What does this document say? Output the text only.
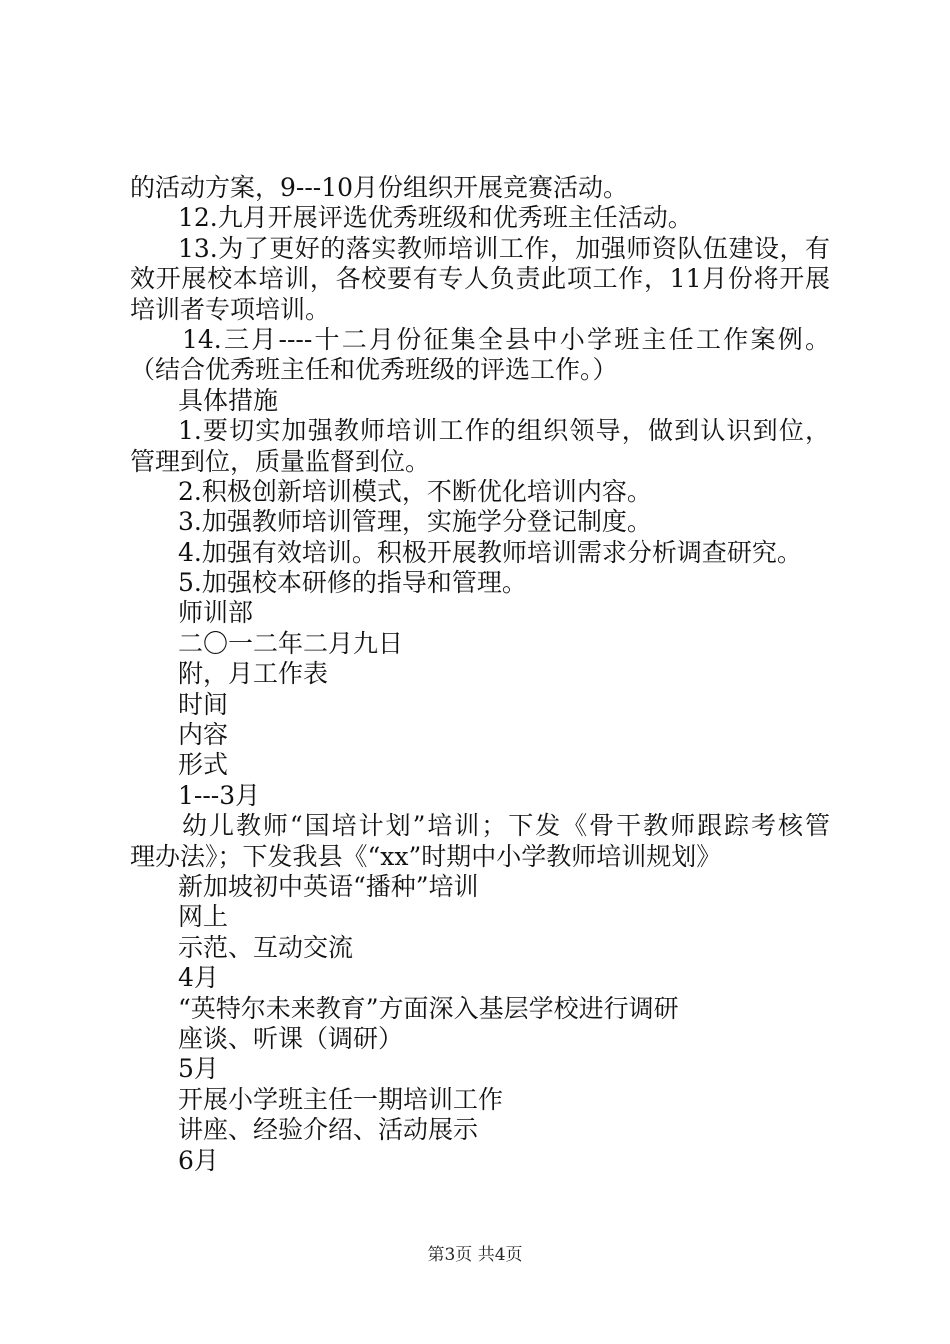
的活动方案，9---10月份组织开展竞赛活动。
12.九月开展评选优秀班级和优秀班主任活动。
13.为了更好的落实教师培训工作，加强师资队伍建设，有
效开展校本培训，各校要有专人负责此项工作，11月份将开展
培训者专项培训。
14.三月----十二月份征集全县中小学班主任工作案例。
（结合优秀班主任和优秀班级的评选工作。）
具体措施
1.要切实加强教师培训工作的组织领导，做到认识到位，
管理到位，质量监督到位。
2.积极创新培训模式，不断优化培训内容。
3.加强教师培训管理，实施学分登记制度。
4.加强有效培训。积极开展教师培训需求分析调查研究。
5.加强校本研修的指导和管理。
师训部
二〇一二年二月九日
附，月工作表
时间
内容
形式
1---3月
幼儿教师“国培计划”培训；下发《骨干教师跟踪考核管
理办法》；下发我县《“xx”时期中小学教师培训规划》
新加坡初中英语“播种”培训
网上
示范、互动交流
4月
“英特尔未来教育”方面深入基层学校进行调研
座谈、听课（调研）
5月
开展小学班主任一期培训工作
讲座、经验介绍、活动展示
6月
第3页 共4页
